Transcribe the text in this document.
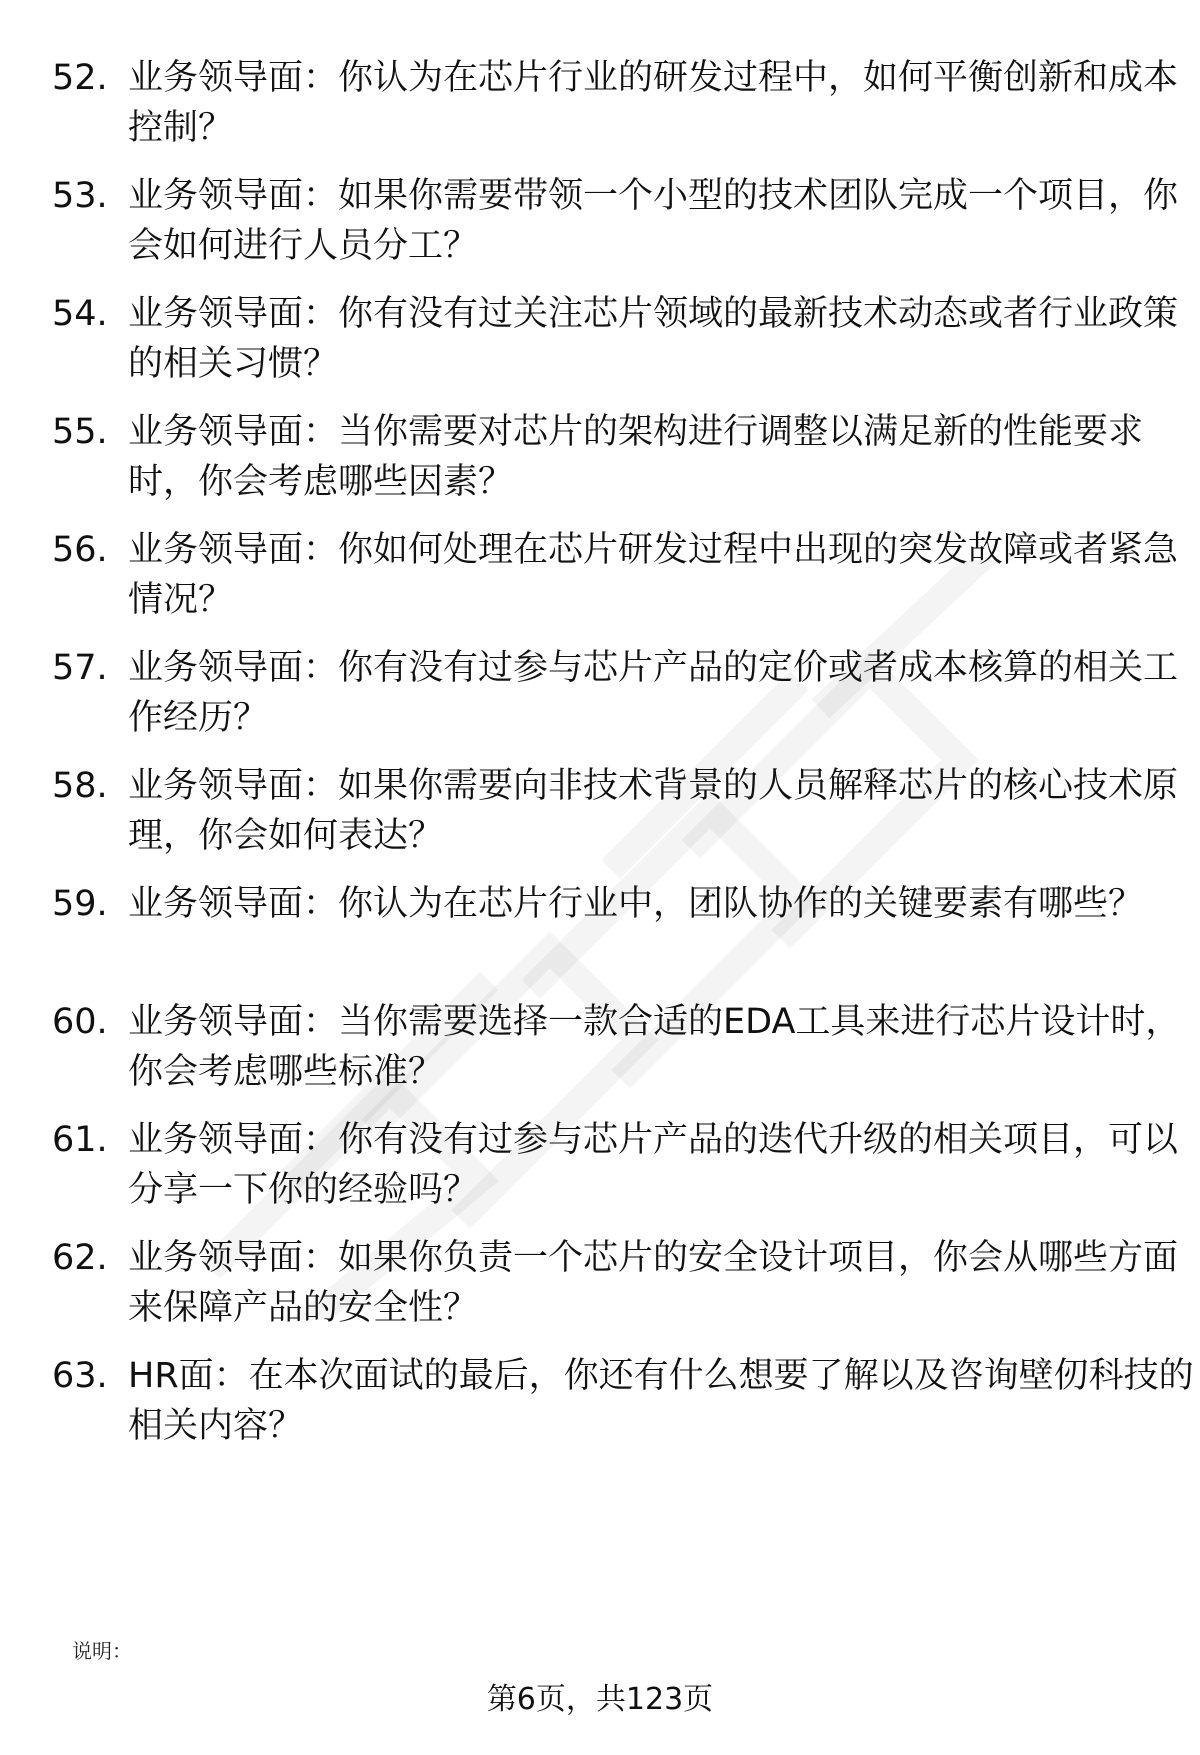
52. 业务领导面：你认为在芯片行业的研发过程中，如何平衡创新和成本控制？
53. 业务领导面：如果你需要带领一个小型的技术团队完成一个项目，你会如何进行人员分工？
54. 业务领导面：你有没有过关注芯片领域的最新技术动态或者行业政策的相关习惯？
55. 业务领导面：当你需要对芯片的架构进行调整以满足新的性能要求时，你会考虑哪些因素？
56. 业务领导面：你如何处理在芯片研发过程中出现的突发故障或者紧急情况？
57. 业务领导面：你有没有过参与芯片产品的定价或者成本核算的相关工作经历？
58. 业务领导面：如果你需要向非技术背景的人员解释芯片的核心技术原理，你会如何表达？
59. 业务领导面：你认为在芯片行业中，团队协作的关键要素有哪些？
60. 业务领导面：当你需要选择一款合适的EDA工具来进行芯片设计时，你会考虑哪些标准？
61. 业务领导面：你有没有过参与芯片产品的迭代升级的相关项目，可以分享一下你的经验吗？
62. 业务领导面：如果你负责一个芯片的安全设计项目，你会从哪些方面来保障产品的安全性？
63. HR面：在本次面试的最后，你还有什么想要了解以及咨询壁仞科技的相关内容？
说明：
第6页，共123页
